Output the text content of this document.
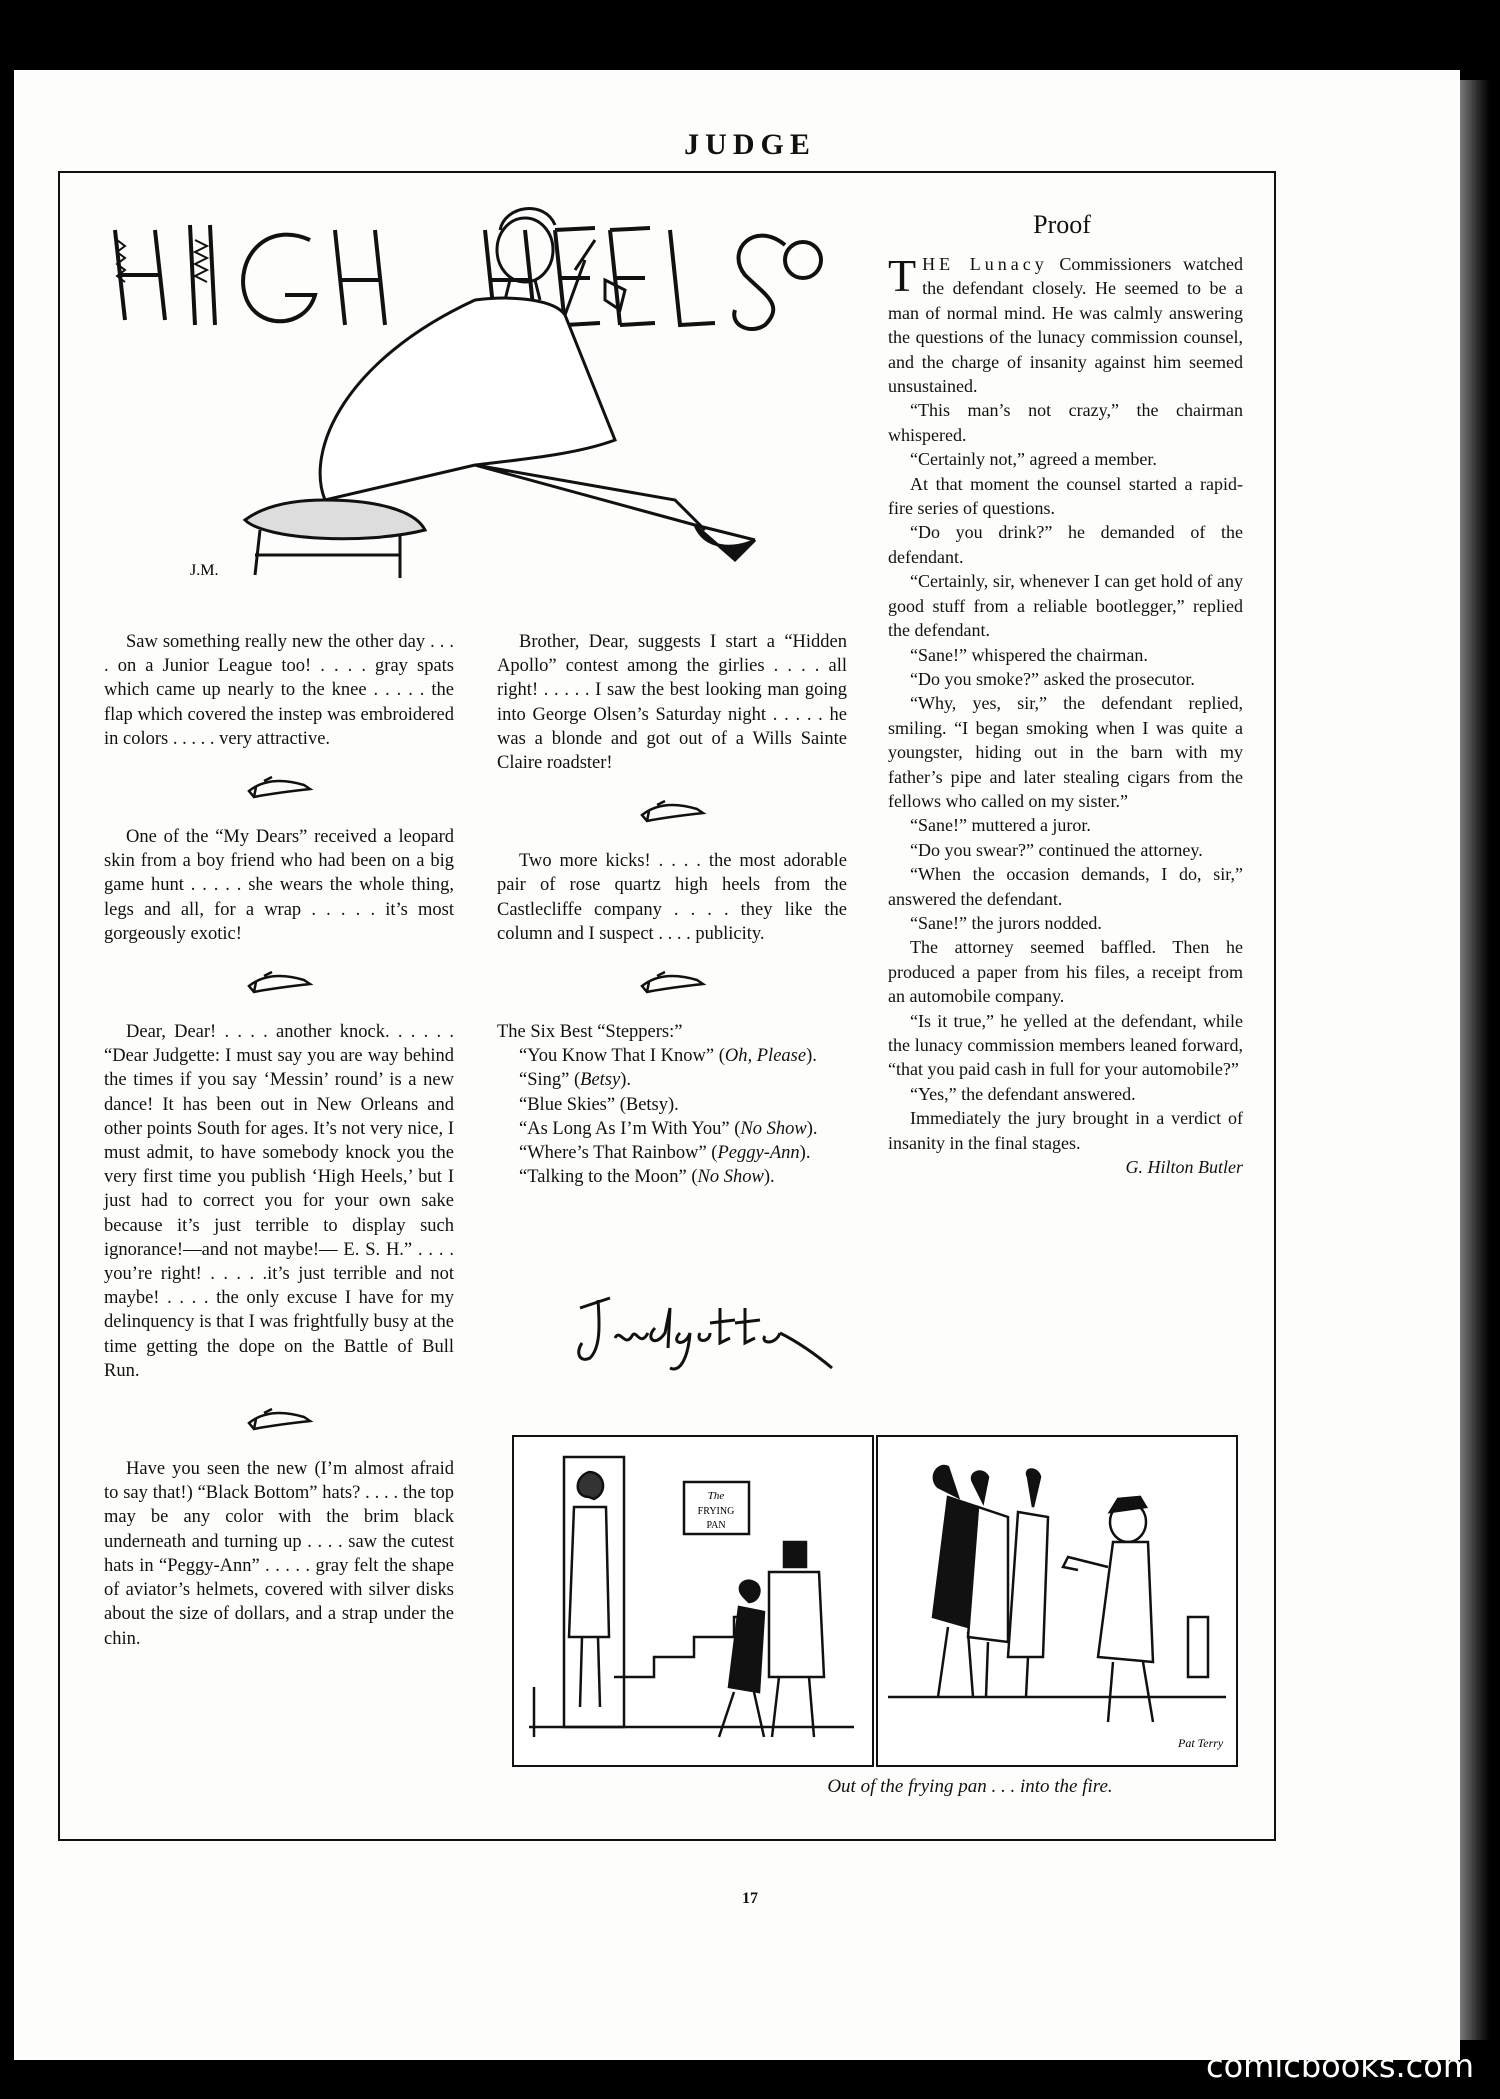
JUDGE
J.M.

Saw something really new the other day . . . . on a Junior League too! . . . . gray spats which came up nearly to the knee . . . . . the flap which covered the instep was embroidered in colors . . . . . very attractive.

One of the “My Dears” received a leopard skin from a boy friend who had been on a big game hunt . . . . . she wears the whole thing, legs and all, for a wrap . . . . . it’s most gorgeously exotic!

Dear, Dear! . . . . another knock. . . . . . “Dear Judgette: I must say you are way behind the times if you say ‘Messin’ round’ is a new dance! It has been out in New Orleans and other points South for ages. It’s not very nice, I must admit, to have somebody knock you the very first time you publish ‘High Heels,’ but I just had to correct you for your own sake because it’s just terrible to display such ignorance!—and not maybe!— E. S. H.” . . . . you’re right! . . . . .it’s just terrible and not maybe! . . . . the only excuse I have for my delinquency is that I was frightfully busy at the time getting the dope on the Battle of Bull Run.

Have you seen the new (I’m almost afraid to say that!) “Black Bottom” hats? . . . . the top may be any color with the brim black underneath and turning up . . . . saw the cutest hats in “Peggy-Ann” . . . . . gray felt the shape of aviator’s helmets, covered with silver disks about the size of dollars, and a strap under the chin.

Brother, Dear, suggests I start a “Hidden Apollo” contest among the girlies . . . . all right! . . . . . I saw the best looking man going into George Olsen’s Saturday night . . . . . he was a blonde and got out of a Wills Sainte Claire roadster!

Two more kicks! . . . . the most adorable pair of rose quartz high heels from the Castlecliffe company . . . . they like the column and I suspect . . . . publicity.

The Six Best “Steppers:”

“You Know That I Know” (Oh, Please).

“Sing” (Betsy).

“Blue Skies” (Betsy).

“As Long As I’m With You” (No Show).

“Where’s That Rainbow” (Peggy-Ann).

“Talking to the Moon” (No Show).

Proof

THE Lunacy Commissioners watched the defendant closely. He seemed to be a man of normal mind. He was calmly answering the questions of the lunacy commission counsel, and the charge of insanity against him seemed unsustained.

“This man’s not crazy,” the chairman whispered.

“Certainly not,” agreed a member.

At that moment the counsel started a rapid-fire series of questions.

“Do you drink?” he demanded of the defendant.

“Certainly, sir, whenever I can get hold of any good stuff from a reliable bootlegger,” replied the defendant.

“Sane!” whispered the chairman.

“Do you smoke?” asked the prosecutor.

“Why, yes, sir,” the defendant replied, smiling. “I began smoking when I was quite a youngster, hiding out in the barn with my father’s pipe and later stealing cigars from the fellows who called on my sister.”

“Sane!” muttered a juror.

“Do you swear?” continued the attorney.

“When the occasion demands, I do, sir,” answered the defendant.

“Sane!” the jurors nodded.

The attorney seemed baffled. Then he produced a paper from his files, a receipt from an automobile company.

“Is it true,” he yelled at the defendant, while the lunacy commission members leaned forward, “that you paid cash in full for your automobile?”

“Yes,” the defendant answered.

Immediately the jury brought in a verdict of insanity in the final stages.

G. Hilton Butler
The
FRYING
PAN
Pat Terry
Out of the frying pan . . . into the fire.
17
comicbooks.com
